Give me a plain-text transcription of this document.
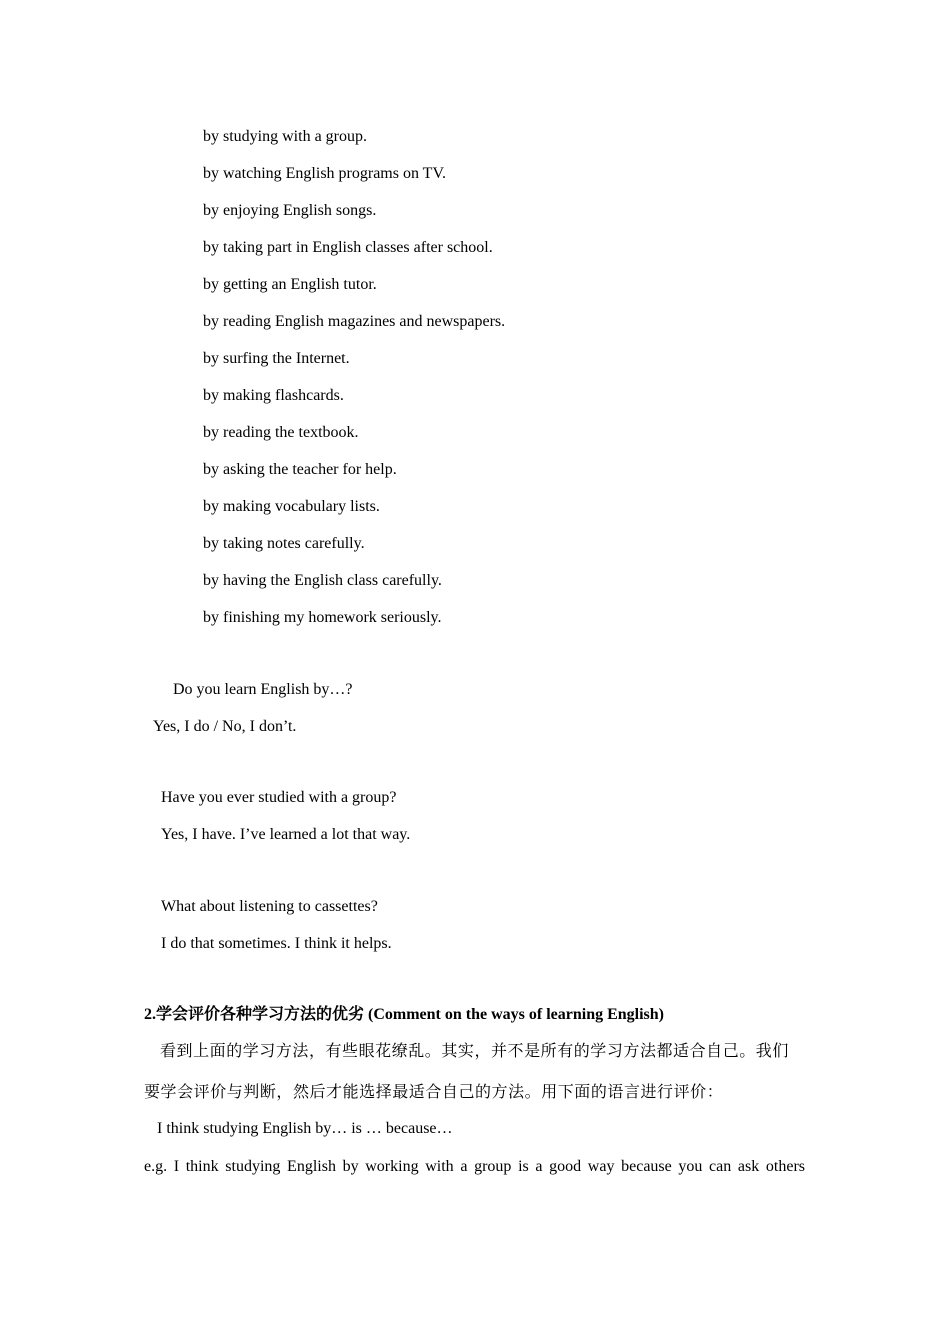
by studying with a group.
by watching English programs on TV.
by enjoying English songs.
by taking part in English classes after school.
by getting an English tutor.
by reading English magazines and newspapers.
by surfing the Internet.
by making flashcards.
by reading the textbook.
by asking the teacher for help.
by making vocabulary lists.
by taking notes carefully.
by having the English class carefully.
by finishing my homework seriously.
Do you learn English by…?
Yes, I do / No, I don’t.
Have you ever studied with a group?
Yes, I have. I’ve learned a lot that way.
What about listening to cassettes?
I do that sometimes. I think it helps.
2.学会评价各种学习方法的优劣 (Comment on the ways of learning English)
看到上面的学习方法，有些眼花缭乱。其实，并不是所有的学习方法都适合自己。我们
要学会评价与判断，然后才能选择最适合自己的方法。用下面的语言进行评价：
I think studying English by… is … because…
e.g. I think studying English by working with a group is a good way because you can ask others
